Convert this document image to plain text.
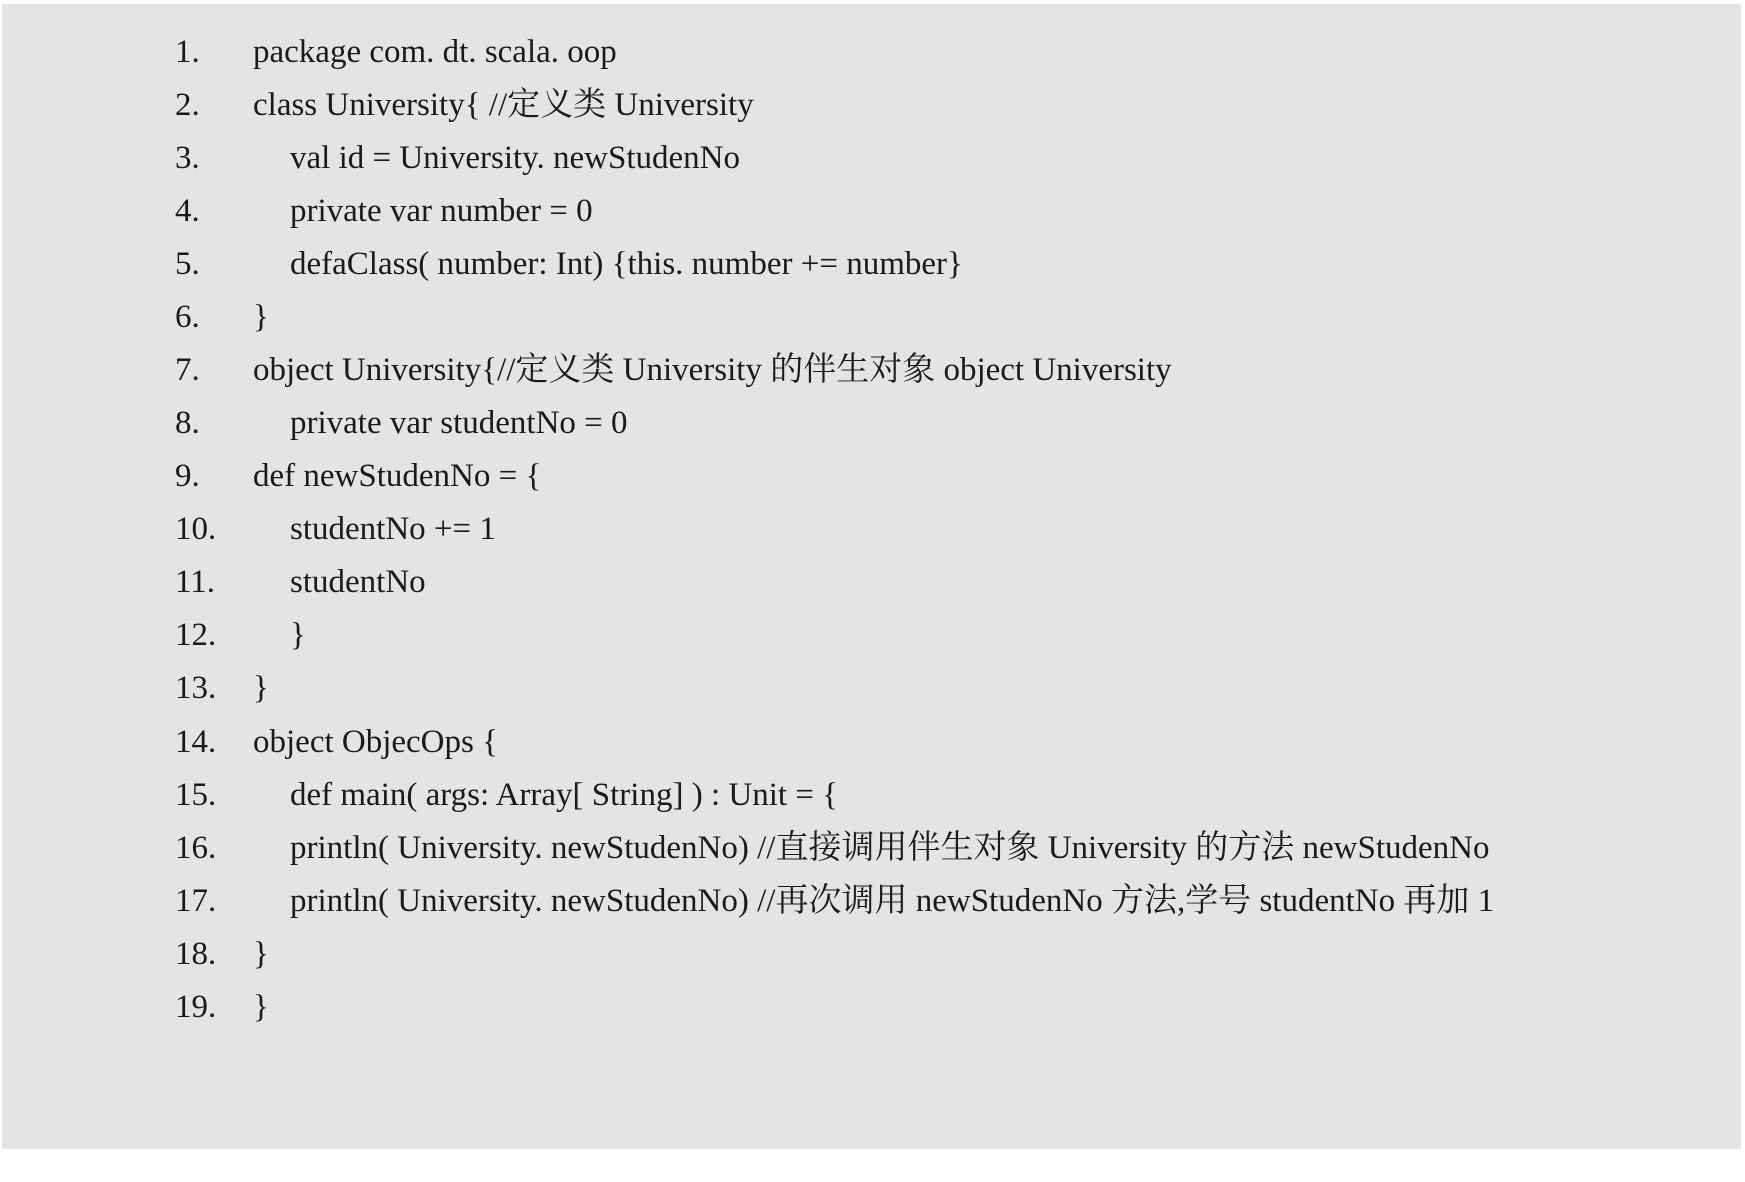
1.

	package com. dt. scala. oop

2.

	class University{ //定义类 University

3.

	val id = University. newStudenNo

4.

	private var number = 0

5.

	defaClass( number: Int) {this. number += number}

6.

	}

7.

	object University{//定义类 University 的伴生对象 object University

8.

	private var studentNo = 0

9.

	def newStudenNo = {

10.

	studentNo += 1

11.

	studentNo

12.

	}

13.

	}

14.

	object ObjecOps {

15.

	def main( args: Array[ String] ) : Unit = {

16.

	println( University. newStudenNo) //直接调用伴生对象 University 的方法 newStudenNo

17.

	println( University. newStudenNo) //再次调用 newStudenNo 方法,学号 studentNo 再加 1

18.

	}

19.

	}
